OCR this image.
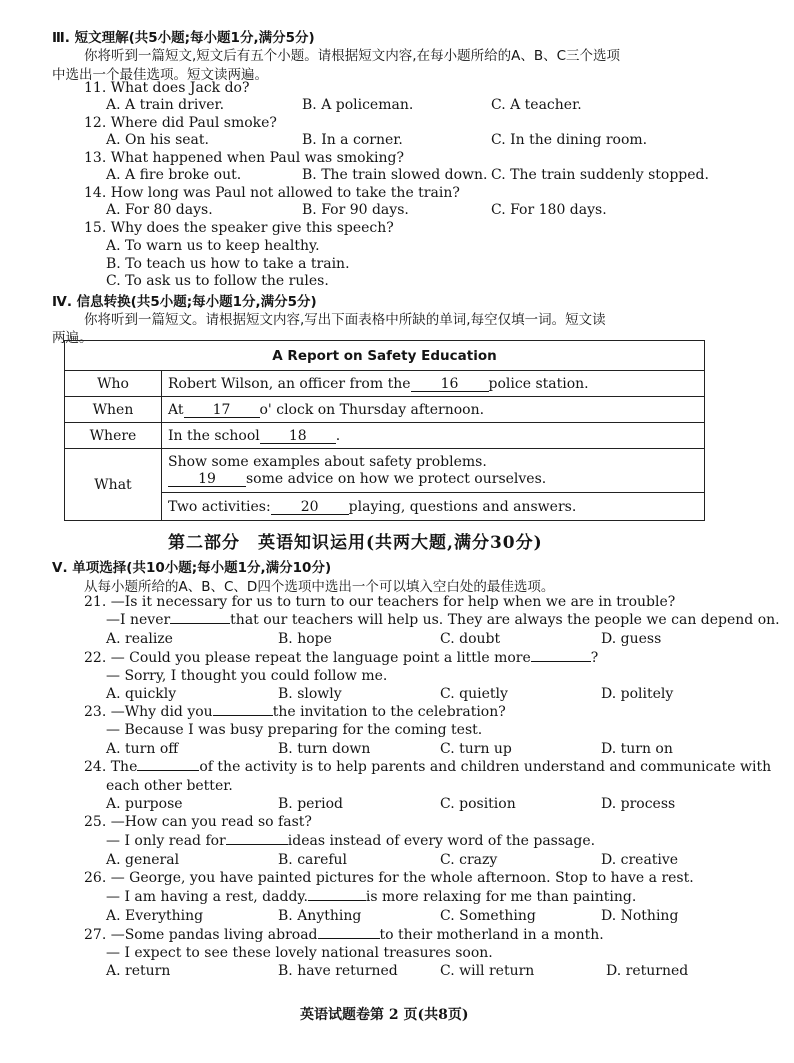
Ⅲ. 短文理解(共5小题;每小题1分,满分5分)
你将听到一篇短文,短文后有五个小题。请根据短文内容,在每小题所给的A、B、C三个选项
中选出一个最佳选项。短文读两遍。
11. What does Jack do?
A. A train driver.	B. A policeman.	C. A teacher.
12. Where did Paul smoke?
A. On his seat.	B. In a corner.	C. In the dining room.
13. What happened when Paul was smoking?
A. A fire broke out.	B. The train slowed down. C. The train suddenly stopped.
14. How long was Paul not allowed to take the train?
A. For 80 days.	B. For 90 days.	C. For 180 days.
15. Why does the speaker give this speech?
A. To warn us to keep healthy.
B. To teach us how to take a train.
C. To ask us to follow the rules.
Ⅳ. 信息转换(共5小题;每小题1分,满分5分)
你将听到一篇短文。请根据短文内容,写出下面表格中所缺的单词,每空仅填一词。短文读
两遍。
A Report on Safety Education	
Who	Robert Wilson, an officer from the 16 police station.
When	At 17 o' clock on Thursday afternoon.
Where	In the school 18 .
What	Show some examples about safety problems.
19 some advice on how we protect ourselves.

	Two activities: 20 playing, questions and answers.
第二部分　英语知识运用(共两大题,满分30分)
Ⅴ. 单项选择(共10小题;每小题1分,满分10分)
从每小题所给的A、B、C、D四个选项中选出一个可以填入空白处的最佳选项。
21. —Is it necessary for us to turn to our teachers for help when we are in trouble?
—I never	that our teachers will help us. They are always the people we can depend on.
A. realize	B. hope	C. doubt	D. guess
22. — Could you please repeat the language point a little more	?
— Sorry, I thought you could follow me.
A. quickly	B. slowly	C. quietly	D. politely
23. —Why did you	the invitation to the celebration?
— Because I was busy preparing for the coming test.
A. turn off	B. turn down	C. turn up	D. turn on
24. The	of the activity is to help parents and children understand and communicate with
each other better.
A. purpose	B. period	C. position	D. process
25. —How can you read so fast?
— I only read for	ideas instead of every word of the passage.
A. general	B. careful	C. crazy	D. creative
26. — George, you have painted pictures for the whole afternoon. Stop to have a rest.
— I am having a rest, daddy.	is more relaxing for me than painting.
A. Everything	B. Anything	C. Something	D. Nothing
27. —Some pandas living abroad	to their motherland in a month.
— I expect to see these lovely national treasures soon.
A. return	B. have returned	C. will return	D. returned
英语试题卷第 2 页(共8页)
